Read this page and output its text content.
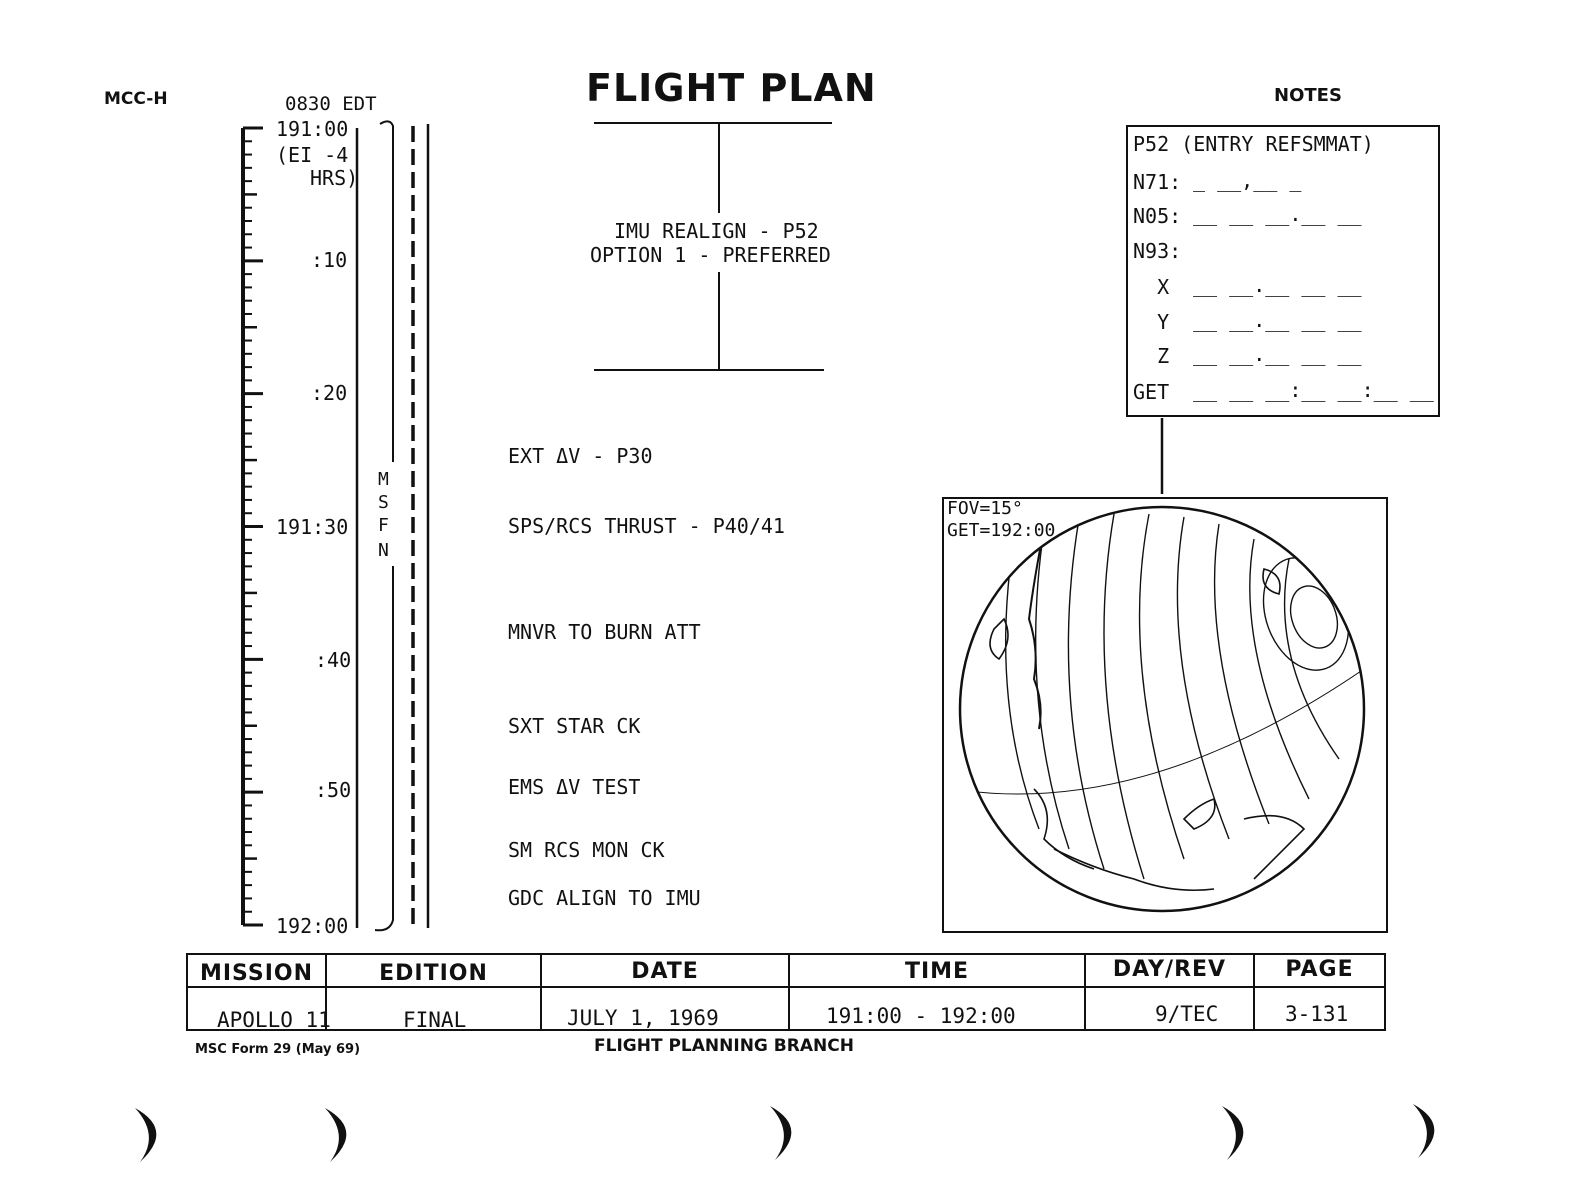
MCC-H	FLIGHT PLAN	NOTES
0830 EDT
191:00
(EI -4
HRS)
:10
:20
191:30
:40
:50
192:00
M
S
F
N
IMU REALIGN - P52
OPTION 1 - PREFERRED
EXT ΔV - P30
SPS/RCS THRUST - P40/41
MNVR TO BURN ATT
SXT STAR CK
EMS ΔV TEST
SM RCS MON CK
GDC ALIGN TO IMU
P52 (ENTRY REFSMMAT)
N71: _ __,__ _
N05: __ __ __.__ __
N93:
X __ __.__ __ __
Y __ __.__ __ __
Z __ __.__ __ __
GET __ __ __:__ __:__ __
FOV=15°
GET=192:00
MISSION	EDITION	DATE	TIME	DAY/REV	PAGE
APOLLO 11	FINAL	JULY 1, 1969	191:00 - 192:00	9/TEC	3-131
MSC Form 29 (May 69)	FLIGHT PLANNING BRANCH
